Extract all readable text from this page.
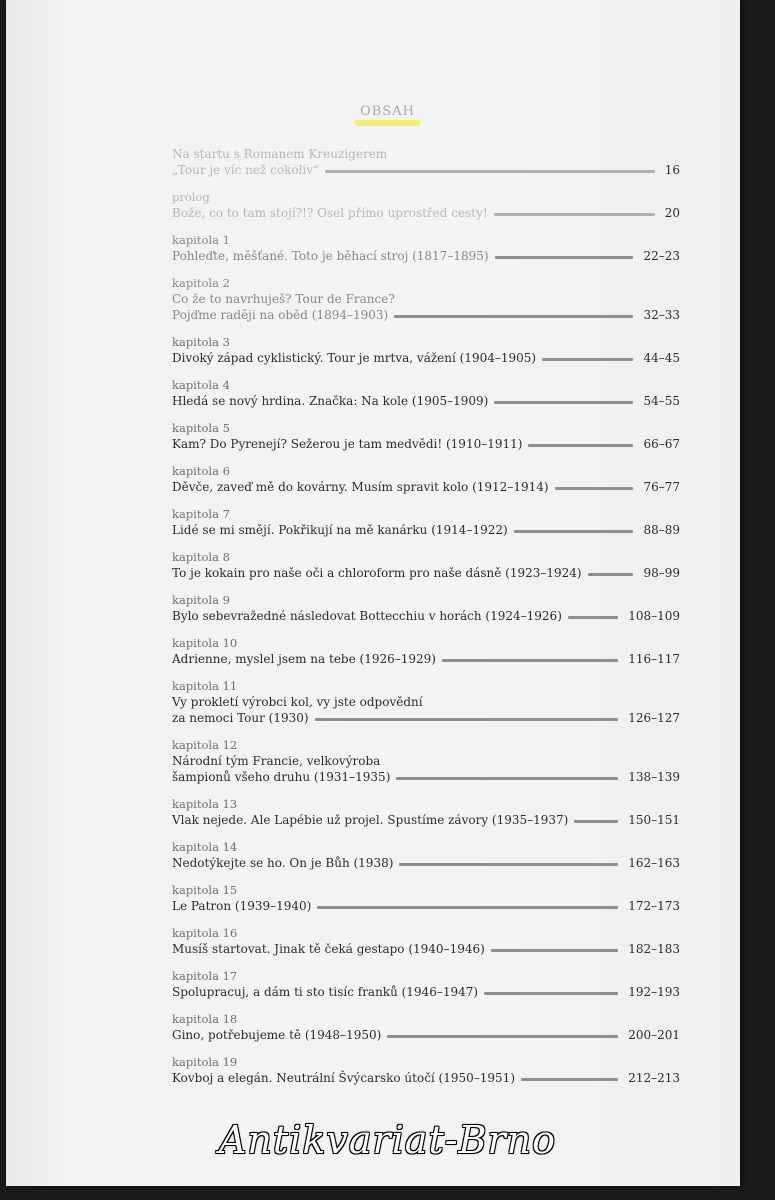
OBSAH
Na startu s Romanem Kreuzigerem
„Tour je víc než cokoliv“	16
prolog
Bože, co to tam stojí?!? Osel přímo uprostřed cesty!	20
kapitola 1
Pohleďte, měšťané. Toto je běhací stroj (1817–1895)	22–23
kapitola 2
Co že to navrhuješ? Tour de France?
Pojďme raději na oběd (1894–1903)	32–33
kapitola 3
Divoký západ cyklistický. Tour je mrtva, vážení (1904–1905)	44–45
kapitola 4
Hledá se nový hrdina. Značka: Na kole (1905–1909)	54–55
kapitola 5
Kam? Do Pyrenejí? Sežerou je tam medvědi! (1910–1911)	66–67
kapitola 6
Děvče, zaveď mě do kovárny. Musím spravit kolo (1912–1914)	76–77
kapitola 7
Lidé se mi smějí. Pokřikují na mě kanárku (1914–1922)	88–89
kapitola 8
To je kokain pro naše oči a chloroform pro naše dásně (1923–1924)	98–99
kapitola 9
Bylo sebevražedné následovat Bottecchiu v horách (1924–1926)	108–109
kapitola 10
Adrienne, myslel jsem na tebe (1926–1929)	116–117
kapitola 11
Vy prokletí výrobci kol, vy jste odpovědní
za nemoci Tour (1930)	126–127
kapitola 12
Národní tým Francie, velkovýroba
šampionů všeho druhu (1931–1935)	138–139
kapitola 13
Vlak nejede. Ale Lapébie už projel. Spustíme závory (1935–1937)	150–151
kapitola 14
Nedotýkejte se ho. On je Bůh (1938)	162–163
kapitola 15
Le Patron (1939–1940)	172–173
kapitola 16
Musíš startovat. Jinak tě čeká gestapo (1940–1946)	182–183
kapitola 17
Spolupracuj, a dám ti sto tisíc franků (1946–1947)	192–193
kapitola 18
Gino, potřebujeme tě (1948–1950)	200–201
kapitola 19
Kovboj a elegán. Neutrální Švýcarsko útočí (1950–1951)	212–213
Antikvariat-Brno
